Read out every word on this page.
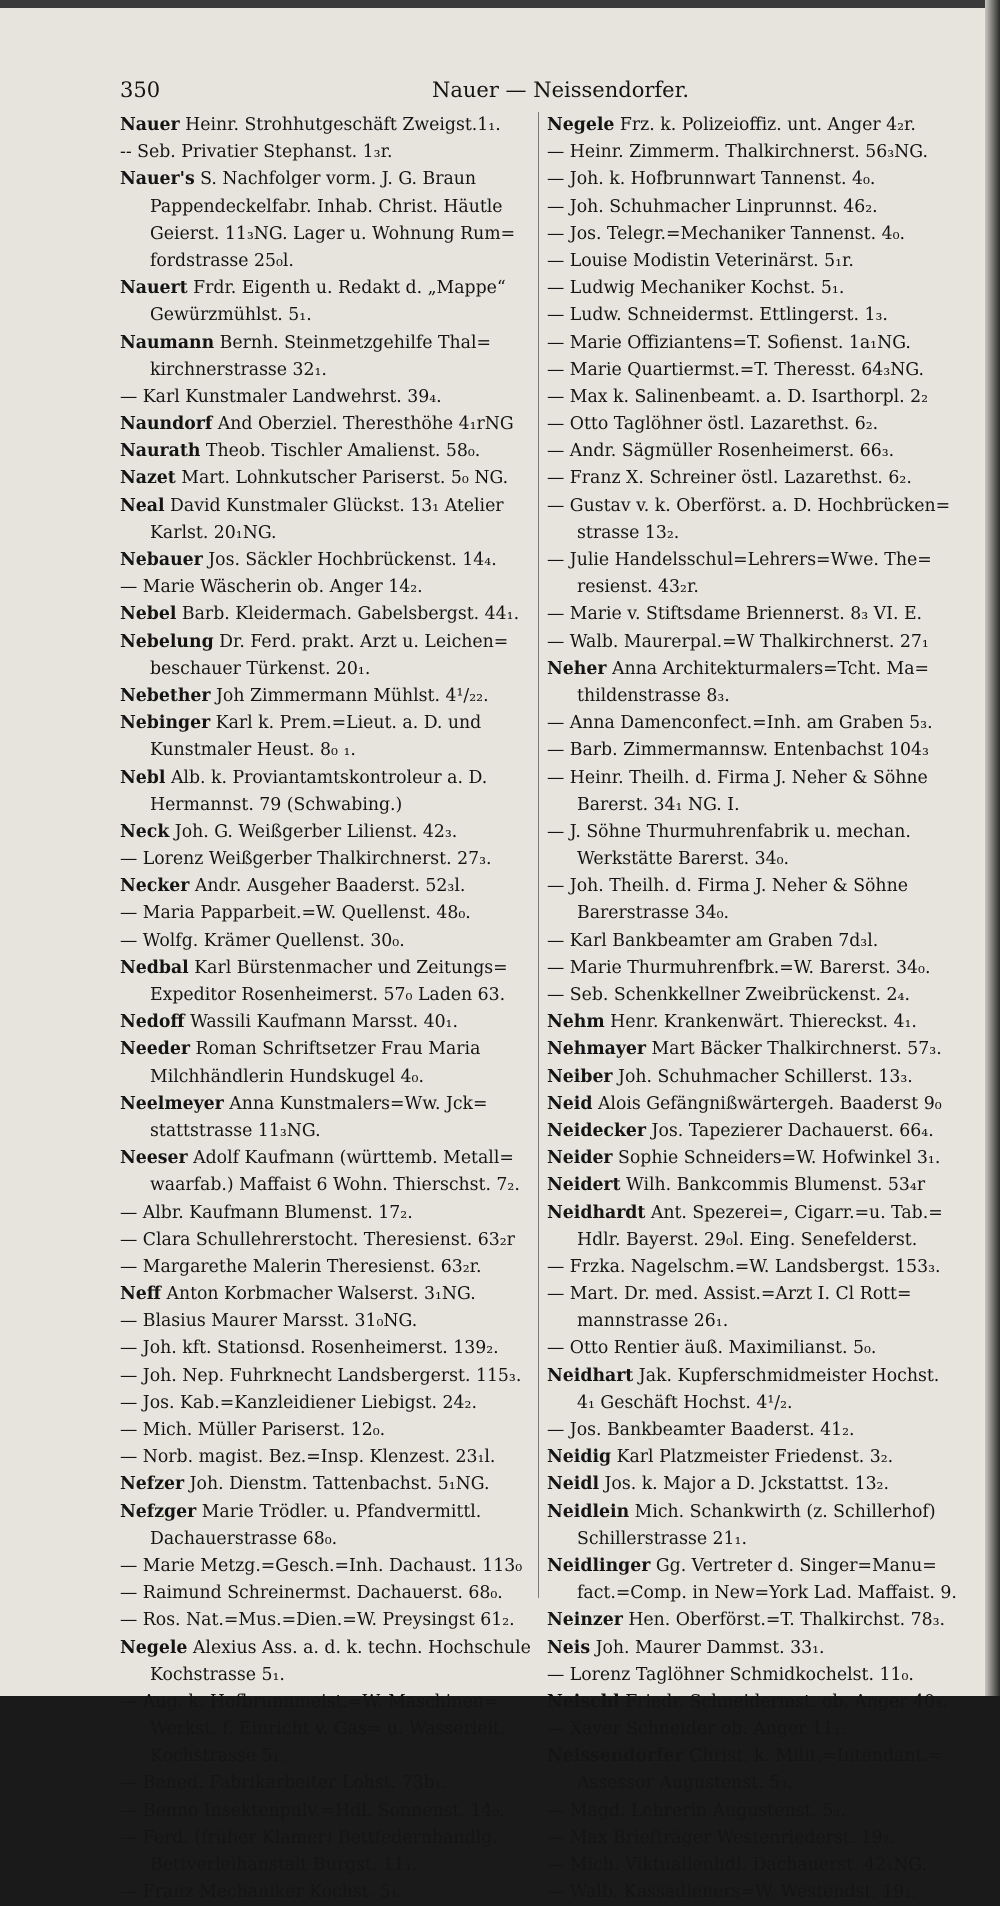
350	Nauer — Neissendorfer.
Nauer Heinr. Strohhutgeschäft Zweigst.1₁.
-- Seb. Privatier Stephanst. 1₃r.
Nauer's S. Nachfolger vorm. J. G. Braun
Pappendeckelfabr. Inhab. Christ. Häutle
Geierst. 11₃NG. Lager u. Wohnung Rum=
fordstrasse 25₀l.
Nauert Frdr. Eigenth u. Redakt d. „Mappe“
Gewürzmühlst. 5₁.
Naumann Bernh. Steinmetzgehilfe Thal=
kirchnerstrasse 32₁.
— Karl Kunstmaler Landwehrst. 39₄.
Naundorf And Oberziel. Theresthöhe 4₁rNG
Naurath Theob. Tischler Amalienst. 58₀.
Nazet Mart. Lohnkutscher Pariserst. 5₀ NG.
Neal David Kunstmaler Glückst. 13₁ Atelier
Karlst. 20₁NG.
Nebauer Jos. Säckler Hochbrückenst. 14₄.
— Marie Wäscherin ob. Anger 14₂.
Nebel Barb. Kleidermach. Gabelsbergst. 44₁.
Nebelung Dr. Ferd. prakt. Arzt u. Leichen=
beschauer Türkenst. 20₁.
Nebether Joh Zimmermann Mühlst. 4¹/₂₂.
Nebinger Karl k. Prem.=Lieut. a. D. und
Kunstmaler Heust. 8₀ ₁.
Nebl Alb. k. Proviantamtskontroleur a. D.
Hermannst. 79 (Schwabing.)
Neck Joh. G. Weißgerber Lilienst. 42₃.
— Lorenz Weißgerber Thalkirchnerst. 27₃.
Necker Andr. Ausgeher Baaderst. 52₃l.
— Maria Papparbeit.=W. Quellenst. 48₀.
— Wolfg. Krämer Quellenst. 30₀.
Nedbal Karl Bürstenmacher und Zeitungs=
Expeditor Rosenheimerst. 57₀ Laden 63.
Nedoff Wassili Kaufmann Marsst. 40₁.
Needer Roman Schriftsetzer Frau Maria
Milchhändlerin Hundskugel 4₀.
Neelmeyer Anna Kunstmalers=Ww. Jck=
stattstrasse 11₃NG.
Neeser Adolf Kaufmann (württemb. Metall=
waarfab.) Maffaist 6 Wohn. Thierschst. 7₂.
— Albr. Kaufmann Blumenst. 17₂.
— Clara Schullehrerstocht. Theresienst. 63₂r
— Margarethe Malerin Theresienst. 63₂r.
Neff Anton Korbmacher Walserst. 3₁NG.
— Blasius Maurer Marsst. 31₀NG.
— Joh. kft. Stationsd. Rosenheimerst. 139₂.
— Joh. Nep. Fuhrknecht Landsbergerst. 115₃.
— Jos. Kab.=Kanzleidiener Liebigst. 24₂.
— Mich. Müller Pariserst. 12₀.
— Norb. magist. Bez.=Insp. Klenzest. 23₁l.
Nefzer Joh. Dienstm. Tattenbachst. 5₁NG.
Nefzger Marie Trödler. u. Pfandvermittl.
Dachauerstrasse 68₀.
— Marie Metzg.=Gesch.=Inh. Dachaust. 113₀
— Raimund Schreinermst. Dachauerst. 68₀.
— Ros. Nat.=Mus.=Dien.=W. Preysingst 61₂.
Negele Alexius Ass. a. d. k. techn. Hochschule
Kochstrasse 5₁.
— Aug. k. Hofbrunnmeist.=W. Maschinen=
Werkst. f. Einricht v. Gas= u. Wasserleit.
Kochstrasse 5₁.
— Bened. Fabrikarbeiter Lohst. 73b₁.
— Benno Insektenpulv.=Hdl. Sonnenst. 14₀.
— Ferd. (früher Klamer) Bettfedernhandlg.
Bettverleihanstalt Burgst. 11₁.
— Franz Mechaniker Kochst. 5₁.
Negele Frz. k. Polizeioffiz. unt. Anger 4₂r.
— Heinr. Zimmerm. Thalkirchnerst. 56₃NG.
— Joh. k. Hofbrunnwart Tannenst. 4₀.
— Joh. Schuhmacher Linprunnst. 46₂.
— Jos. Telegr.=Mechaniker Tannenst. 4₀.
— Louise Modistin Veterinärst. 5₁r.
— Ludwig Mechaniker Kochst. 5₁.
— Ludw. Schneidermst. Ettlingerst. 1₃.
— Marie Offiziantens=T. Sofienst. 1a₁NG.
— Marie Quartiermst.=T. Theresst. 64₃NG.
— Max k. Salinenbeamt. a. D. Isarthorpl. 2₂
— Otto Taglöhner östl. Lazarethst. 6₂.
— Andr. Sägmüller Rosenheimerst. 66₃.
— Franz X. Schreiner östl. Lazarethst. 6₂.
— Gustav v. k. Oberförst. a. D. Hochbrücken=
strasse 13₂.
— Julie Handelsschul=Lehrers=Wwe. The=
resienst. 43₂r.
— Marie v. Stiftsdame Briennerst. 8₃ VI. E.
— Walb. Maurerpal.=W Thalkirchnerst. 27₁
Neher Anna Architekturmalers=Tcht. Ma=
thildenstrasse 8₃.
— Anna Damenconfect.=Inh. am Graben 5₃.
— Barb. Zimmermannsw. Entenbachst 104₃
— Heinr. Theilh. d. Firma J. Neher & Söhne
Barerst. 34₁ NG. I.
— J. Söhne Thurmuhrenfabrik u. mechan.
Werkstätte Barerst. 34₀.
— Joh. Theilh. d. Firma J. Neher & Söhne
Barerstrasse 34₀.
— Karl Bankbeamter am Graben 7d₃l.
— Marie Thurmuhrenfbrk.=W. Barerst. 34₀.
— Seb. Schenkkellner Zweibrückenst. 2₄.
Nehm Henr. Krankenwärt. Thiereckst. 4₁.
Nehmayer Mart Bäcker Thalkirchnerst. 57₃.
Neiber Joh. Schuhmacher Schillerst. 13₃.
Neid Alois Gefängnißwärtergeh. Baaderst 9₀
Neidecker Jos. Tapezierer Dachauerst. 66₄.
Neider Sophie Schneiders=W. Hofwinkel 3₁.
Neidert Wilh. Bankcommis Blumenst. 53₄r
Neidhardt Ant. Spezerei=, Cigarr.=u. Tab.=
Hdlr. Bayerst. 29₀l. Eing. Senefelderst.
— Frzka. Nagelschm.=W. Landsbergst. 153₃.
— Mart. Dr. med. Assist.=Arzt I. Cl Rott=
mannstrasse 26₁.
— Otto Rentier äuß. Maximilianst. 5₀.
Neidhart Jak. Kupferschmidmeister Hochst.
4₁ Geschäft Hochst. 4¹/₂.
— Jos. Bankbeamter Baaderst. 41₂.
Neidig Karl Platzmeister Friedenst. 3₂.
Neidl Jos. k. Major a D. Jckstattst. 13₂.
Neidlein Mich. Schankwirth (z. Schillerhof)
Schillerstrasse 21₁.
Neidlinger Gg. Vertreter d. Singer=Manu=
fact.=Comp. in New=York Lad. Maffaist. 9.
Neinzer Hen. Oberförst.=T. Thalkirchst. 78₃.
Neis Joh. Maurer Dammst. 33₁.
— Lorenz Taglöhner Schmidkochelst. 11₀.
Neischl Friedr. Schneidermst. ob. Anger 40₃.
— Xaver Schneider ob. Anger 11₁.
Neissendorfer Christ. k. Milit.=Intendant.=
Assessor Augustenst. 5₃.
— Magd. Lehrerin Augustenst. 5₃.
— Max Briefträger Westenriederst. 19₂.
— Mich. Viktualienhdl. Dachauerst. 42₁NG.
— Walb. Kassadieners=W. Westendst. 19₁.
